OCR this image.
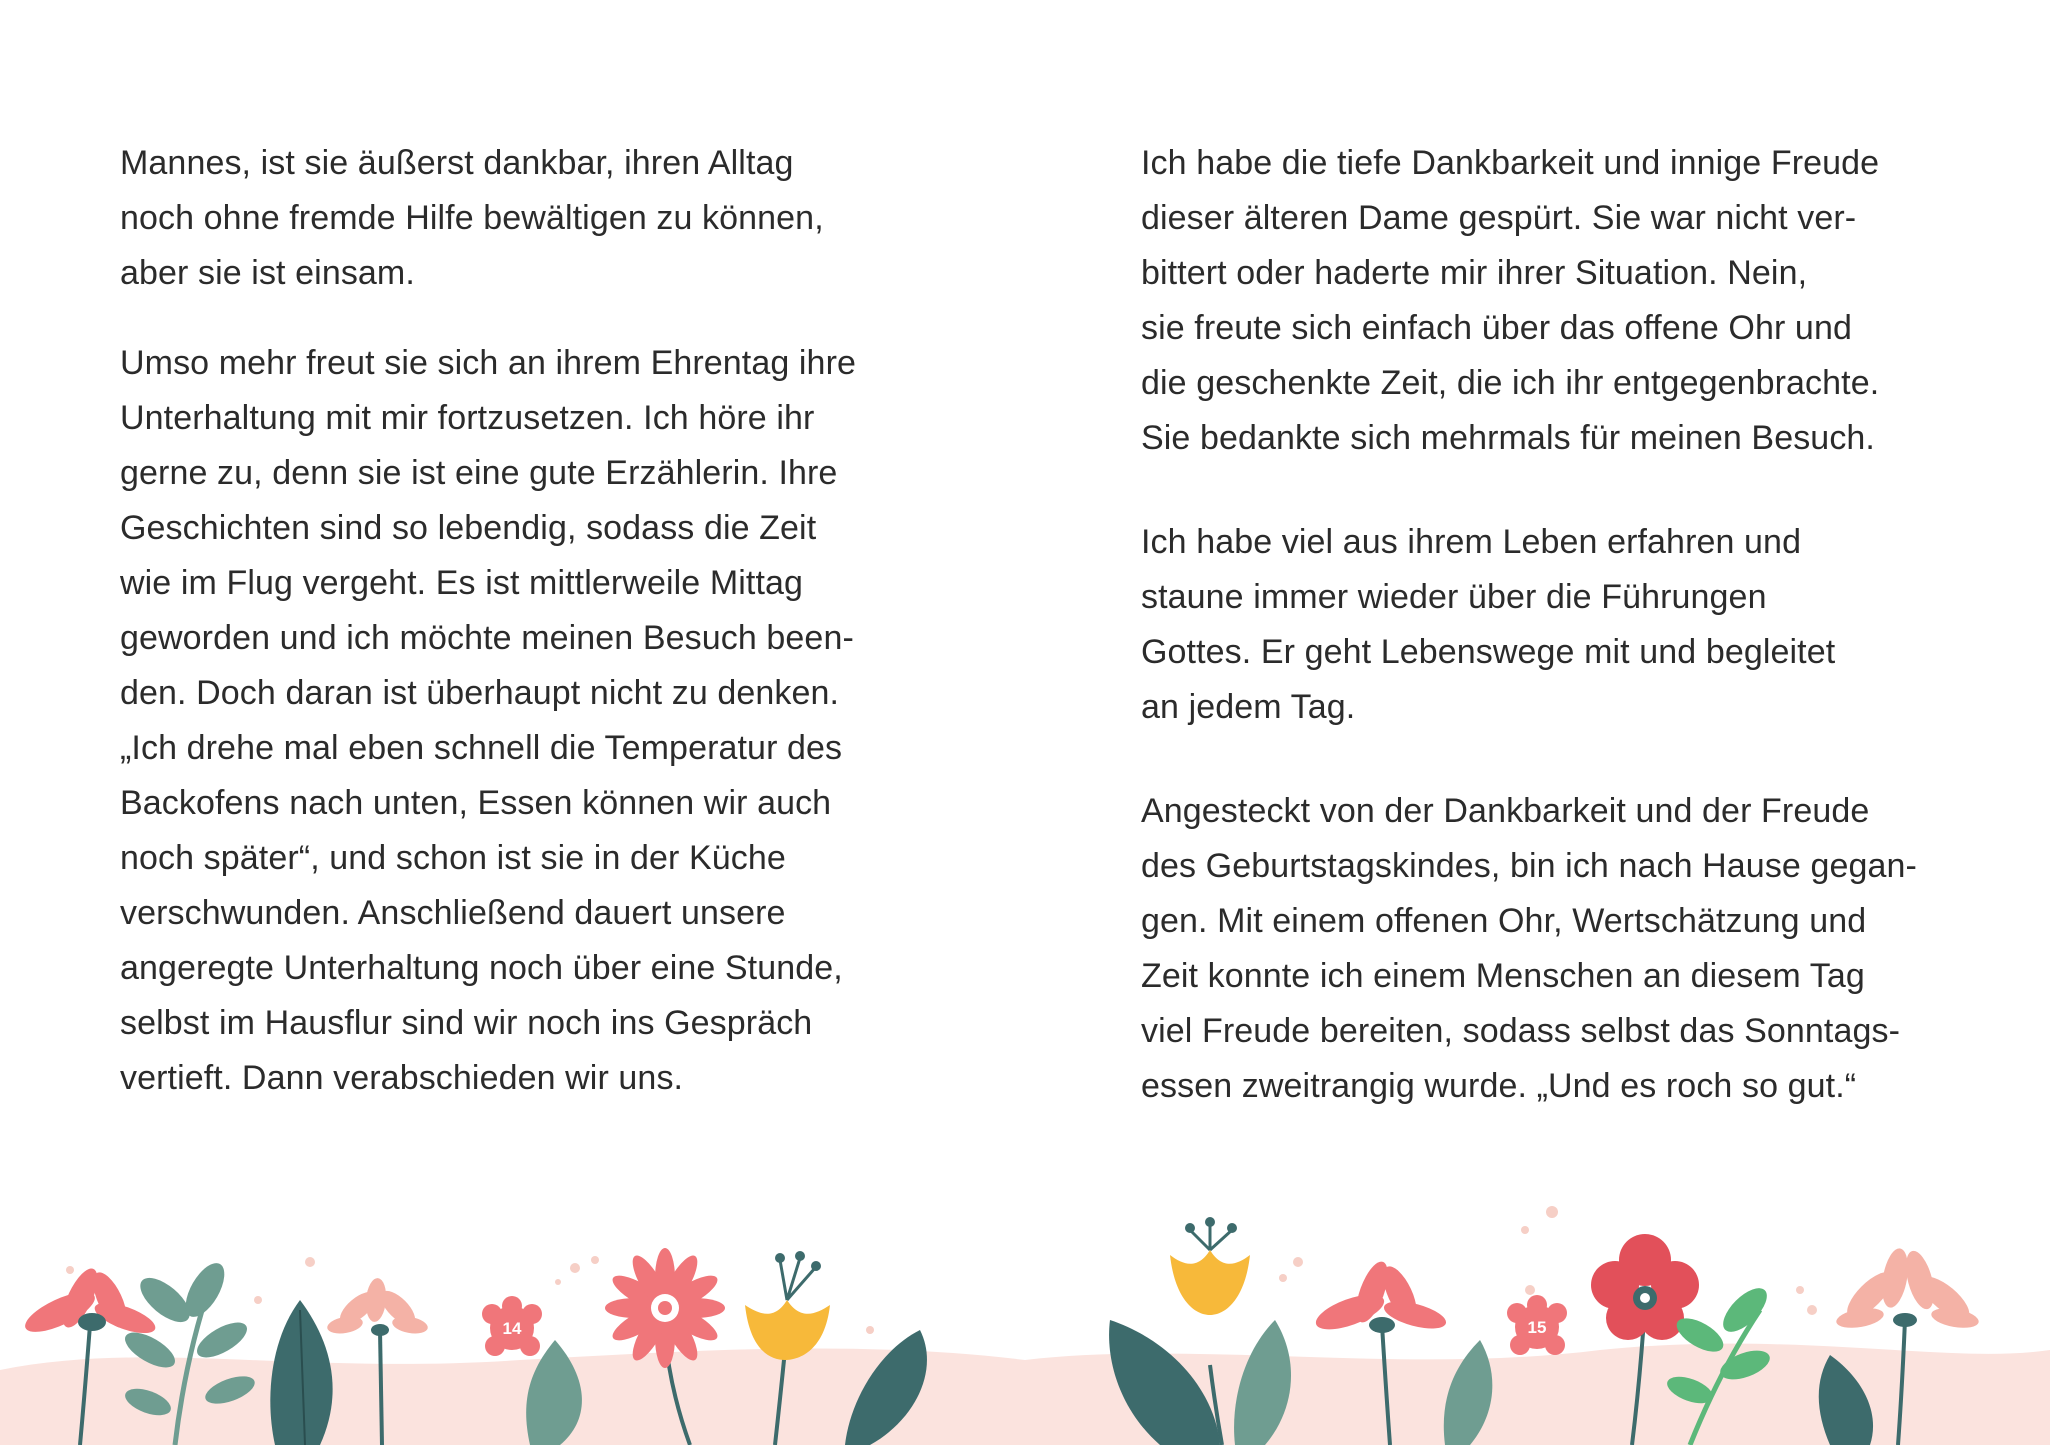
Mannes, ist sie äußerst dankbar, ihren Alltag
noch ohne fremde Hilfe bewältigen zu können,
aber sie ist einsam.

Umso mehr freut sie sich an ihrem Ehrentag ihre
Unterhaltung mit mir fortzusetzen. Ich höre ihr
gerne zu, denn sie ist eine gute Erzählerin. Ihre
Geschichten sind so lebendig, sodass die Zeit
wie im Flug vergeht. Es ist mittlerweile Mittag
geworden und ich möchte meinen Besuch been-
den. Doch daran ist überhaupt nicht zu denken.
„Ich drehe mal eben schnell die Temperatur des
Backofens nach unten, Essen können wir auch
noch später“, und schon ist sie in der Küche
verschwunden. Anschließend dauert unsere
angeregte Unterhaltung noch über eine Stunde,
selbst im Hausflur sind wir noch ins Gespräch
vertieft. Dann verabschieden wir uns.

Ich habe die tiefe Dankbarkeit und innige Freude
dieser älteren Dame gespürt. Sie war nicht ver-
bittert oder haderte mir ihrer Situation. Nein,
sie freute sich einfach über das offene Ohr und
die geschenkte Zeit, die ich ihr entgegenbrachte.
Sie bedankte sich mehrmals für meinen Besuch.

Ich habe viel aus ihrem Leben erfahren und
staune immer wieder über die Führungen
Gottes. Er geht Lebenswege mit und begleitet
an jedem Tag.

Angesteckt von der Dankbarkeit und der Freude
des Geburtstagskindes, bin ich nach Hause gegan-
gen. Mit einem offenen Ohr, Wertschätzung und
Zeit konnte ich einem Menschen an diesem Tag
viel Freude bereiten, sodass selbst das Sonntags-
essen zweitrangig wurde. „Und es roch so gut.“

14	15
